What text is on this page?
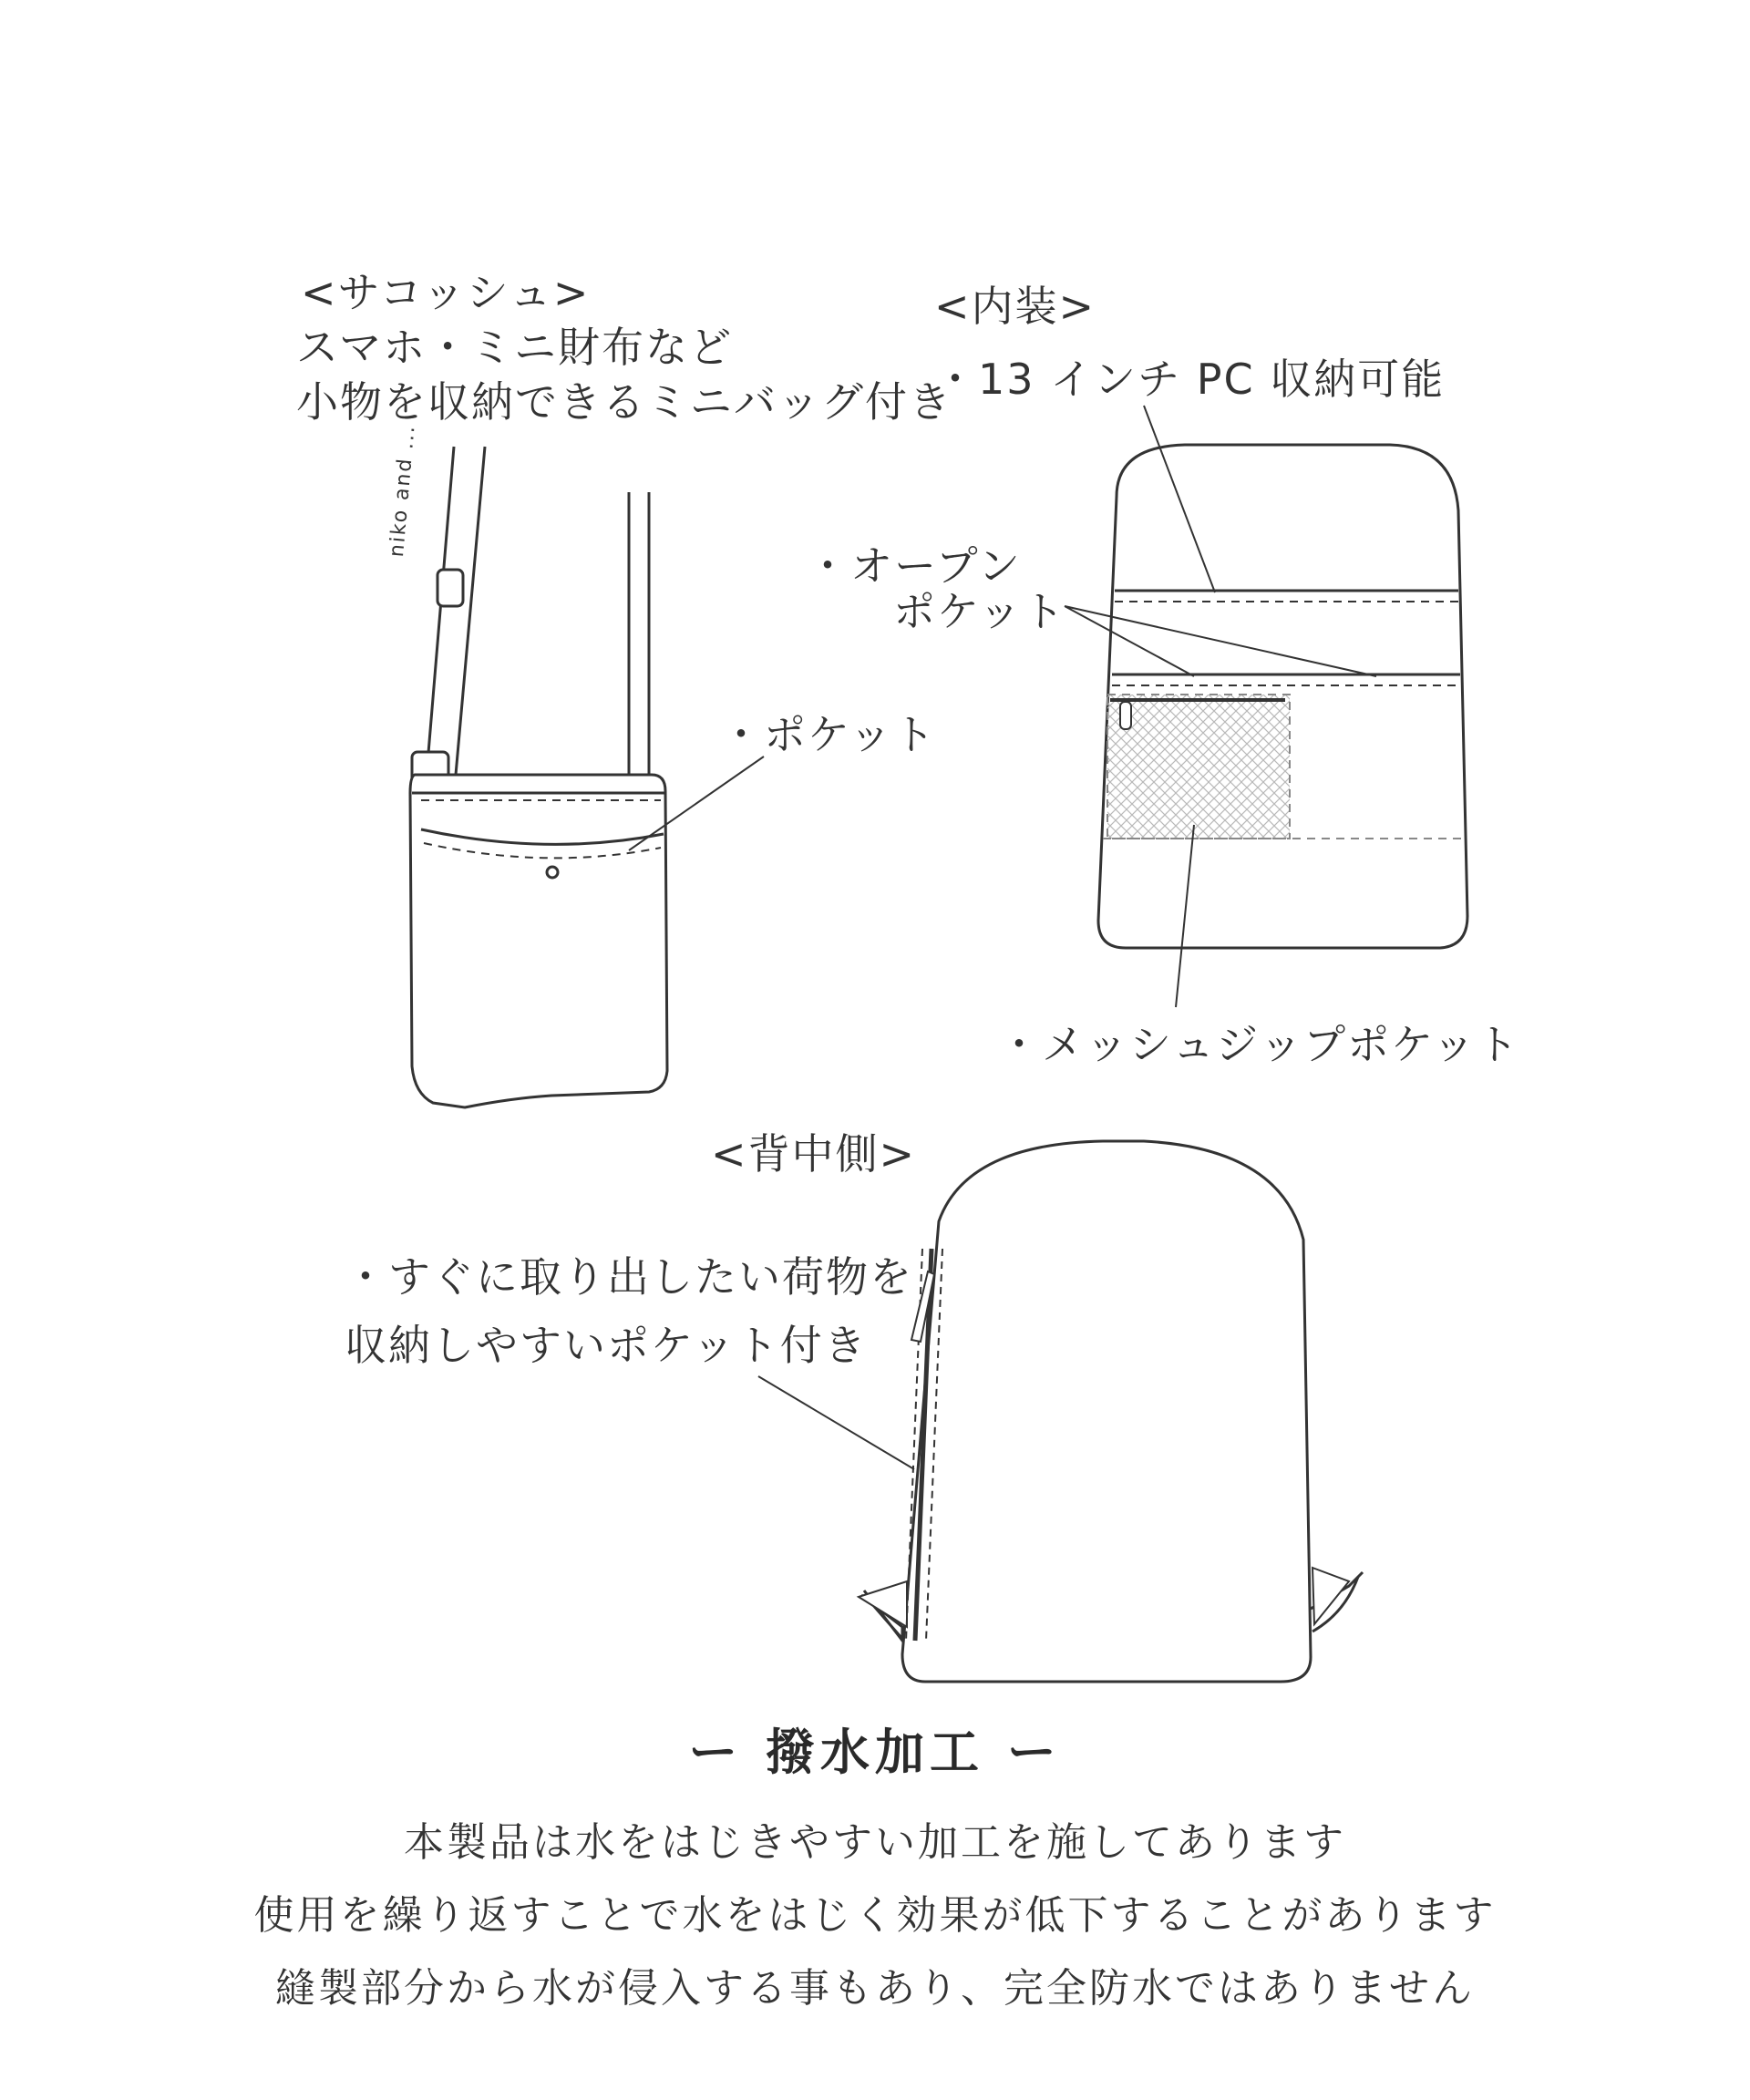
niko and ...
<サコッシュ>
スマホ・ミニ財布など
小物を収納できるミニバッグ付き
・ポケット
<内装>
・13 インチ PC 収納可能
・オープン
ポケット
・メッシュジップポケット
<背中側>
・すぐに取り出したい荷物を
収納しやすいポケット付き
ー 撥水加工 ー
本製品は水をはじきやすい加工を施してあります
使用を繰り返すことで水をはじく効果が低下することがあります
縫製部分から水が侵入する事もあり、完全防水ではありません
